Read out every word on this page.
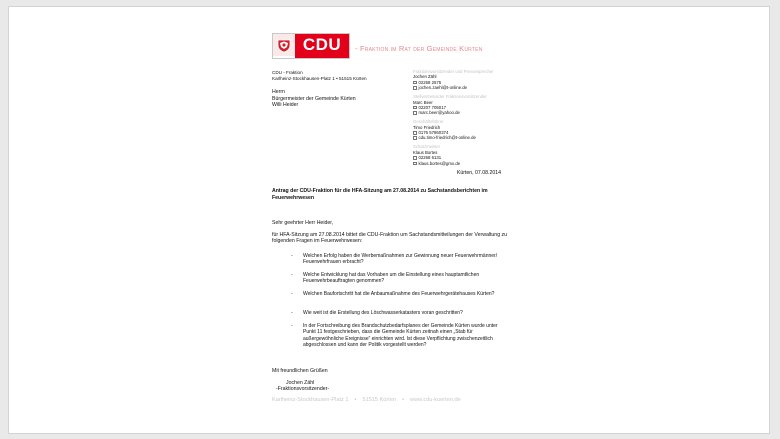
CDU	- Fraktion im Rat der Gemeinde Kürten
CDU - Fraktion
Karlheinz-Stockhausen-Platz 1 • 51515 Kürten
Herrn
Bürgermeister der Gemeinde Kürten
Willi Heider
Fraktionsvorsitzender und Pressesprecher
Jochen Zähl
02268 2575
jochen.zaehl@t-online.de
Stellvertretender Fraktionsvorsitzender
Marc Beer
02207 705017
marc.beer@yahoo.de
Geschäftsführer
Timo Friedrich
0176 57860374
cdu.timo-friedrich@t-online.de
Schatzmeister
Klaus Bortes
02268 6131
klaus.bortes@gmx.de
Kürten, 07.08.2014
Antrag der CDU-Fraktion für die HFA-Sitzung am 27.08.2014 zu Sachstandsberichten im Feuerwehrwesen

Sehr geehrter Herr Heider,

für HFA-Sitzung am 27.08.2014 bittet die CDU-Fraktion um Sachstandsmitteilungen der Verwaltung zu folgenden Fragen im Feuerwehrwesen:

-	Welchen Erfolg haben die Werbemaßnahmen zur Gewinnung neuer Feuerwehrmänner/ Feuerwehrfrauen erbracht?
-	Welche Entwicklung hat das Vorhaben um die Einstellung eines hauptamtlichen Feuerwehrbeauftragten genommen?
-	Welchen Baufortschritt hat die Anbaumaßnahme des Feuerwehrgerätehauses Kürten?
-	Wie weit ist die Erstellung des Löschwasserkatasters voran geschritten?
-	In der Fortschreibung des Brandschutzbedarfsplanes der Gemeinde Kürten wurde unter Punkt 11 festgeschrieben, dass die Gemeinde Kürten zeitnah einen „Stab für außergewöhnliche Ereignisse“ einrichten wird. Ist diese Verpflichtung zwischenzeitlich abgeschlossen und kann der Politik vorgestellt werden?
Mit freundlichen Grüßen
Jochen Zähl
-Fraktionsvorsitzender-
Karlheinz-Stockhausen-Platz 1 • 51515 Kürten • www.cdu-kuerten.de
